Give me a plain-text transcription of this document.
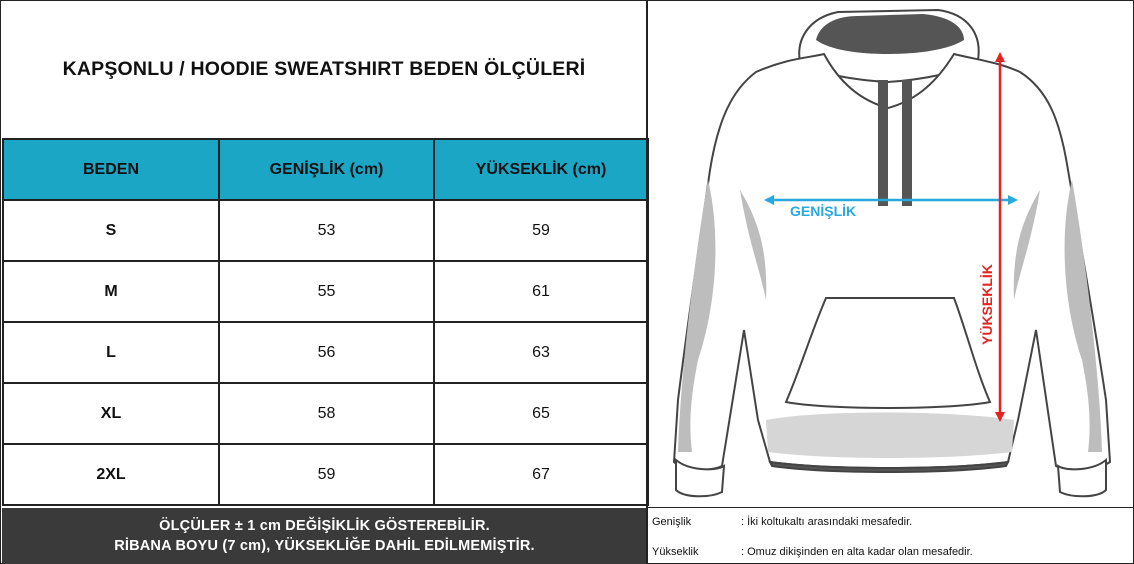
KAPŞONLU / HOODIE SWEATSHIRT BEDEN ÖLÇÜLERİ
BEDEN	GENİŞLİK (cm)	YÜKSEKLİK (cm)
S	53	59
M	55	61
L	56	63
XL	58	65
2XL	59	67
ÖLÇÜLER ± 1 cm DEĞİŞİKLİK GÖSTEREBİLİR.
RİBANA BOYU (7 cm), YÜKSEKLİĞE DAHİL EDİLMEMİŞTİR.
GENİŞLİK
YÜKSEKLİK
Genişlik	: İki koltukaltı arasındaki mesafedir.
Yükseklik	: Omuz dikişinden en alta kadar olan mesafedir.
